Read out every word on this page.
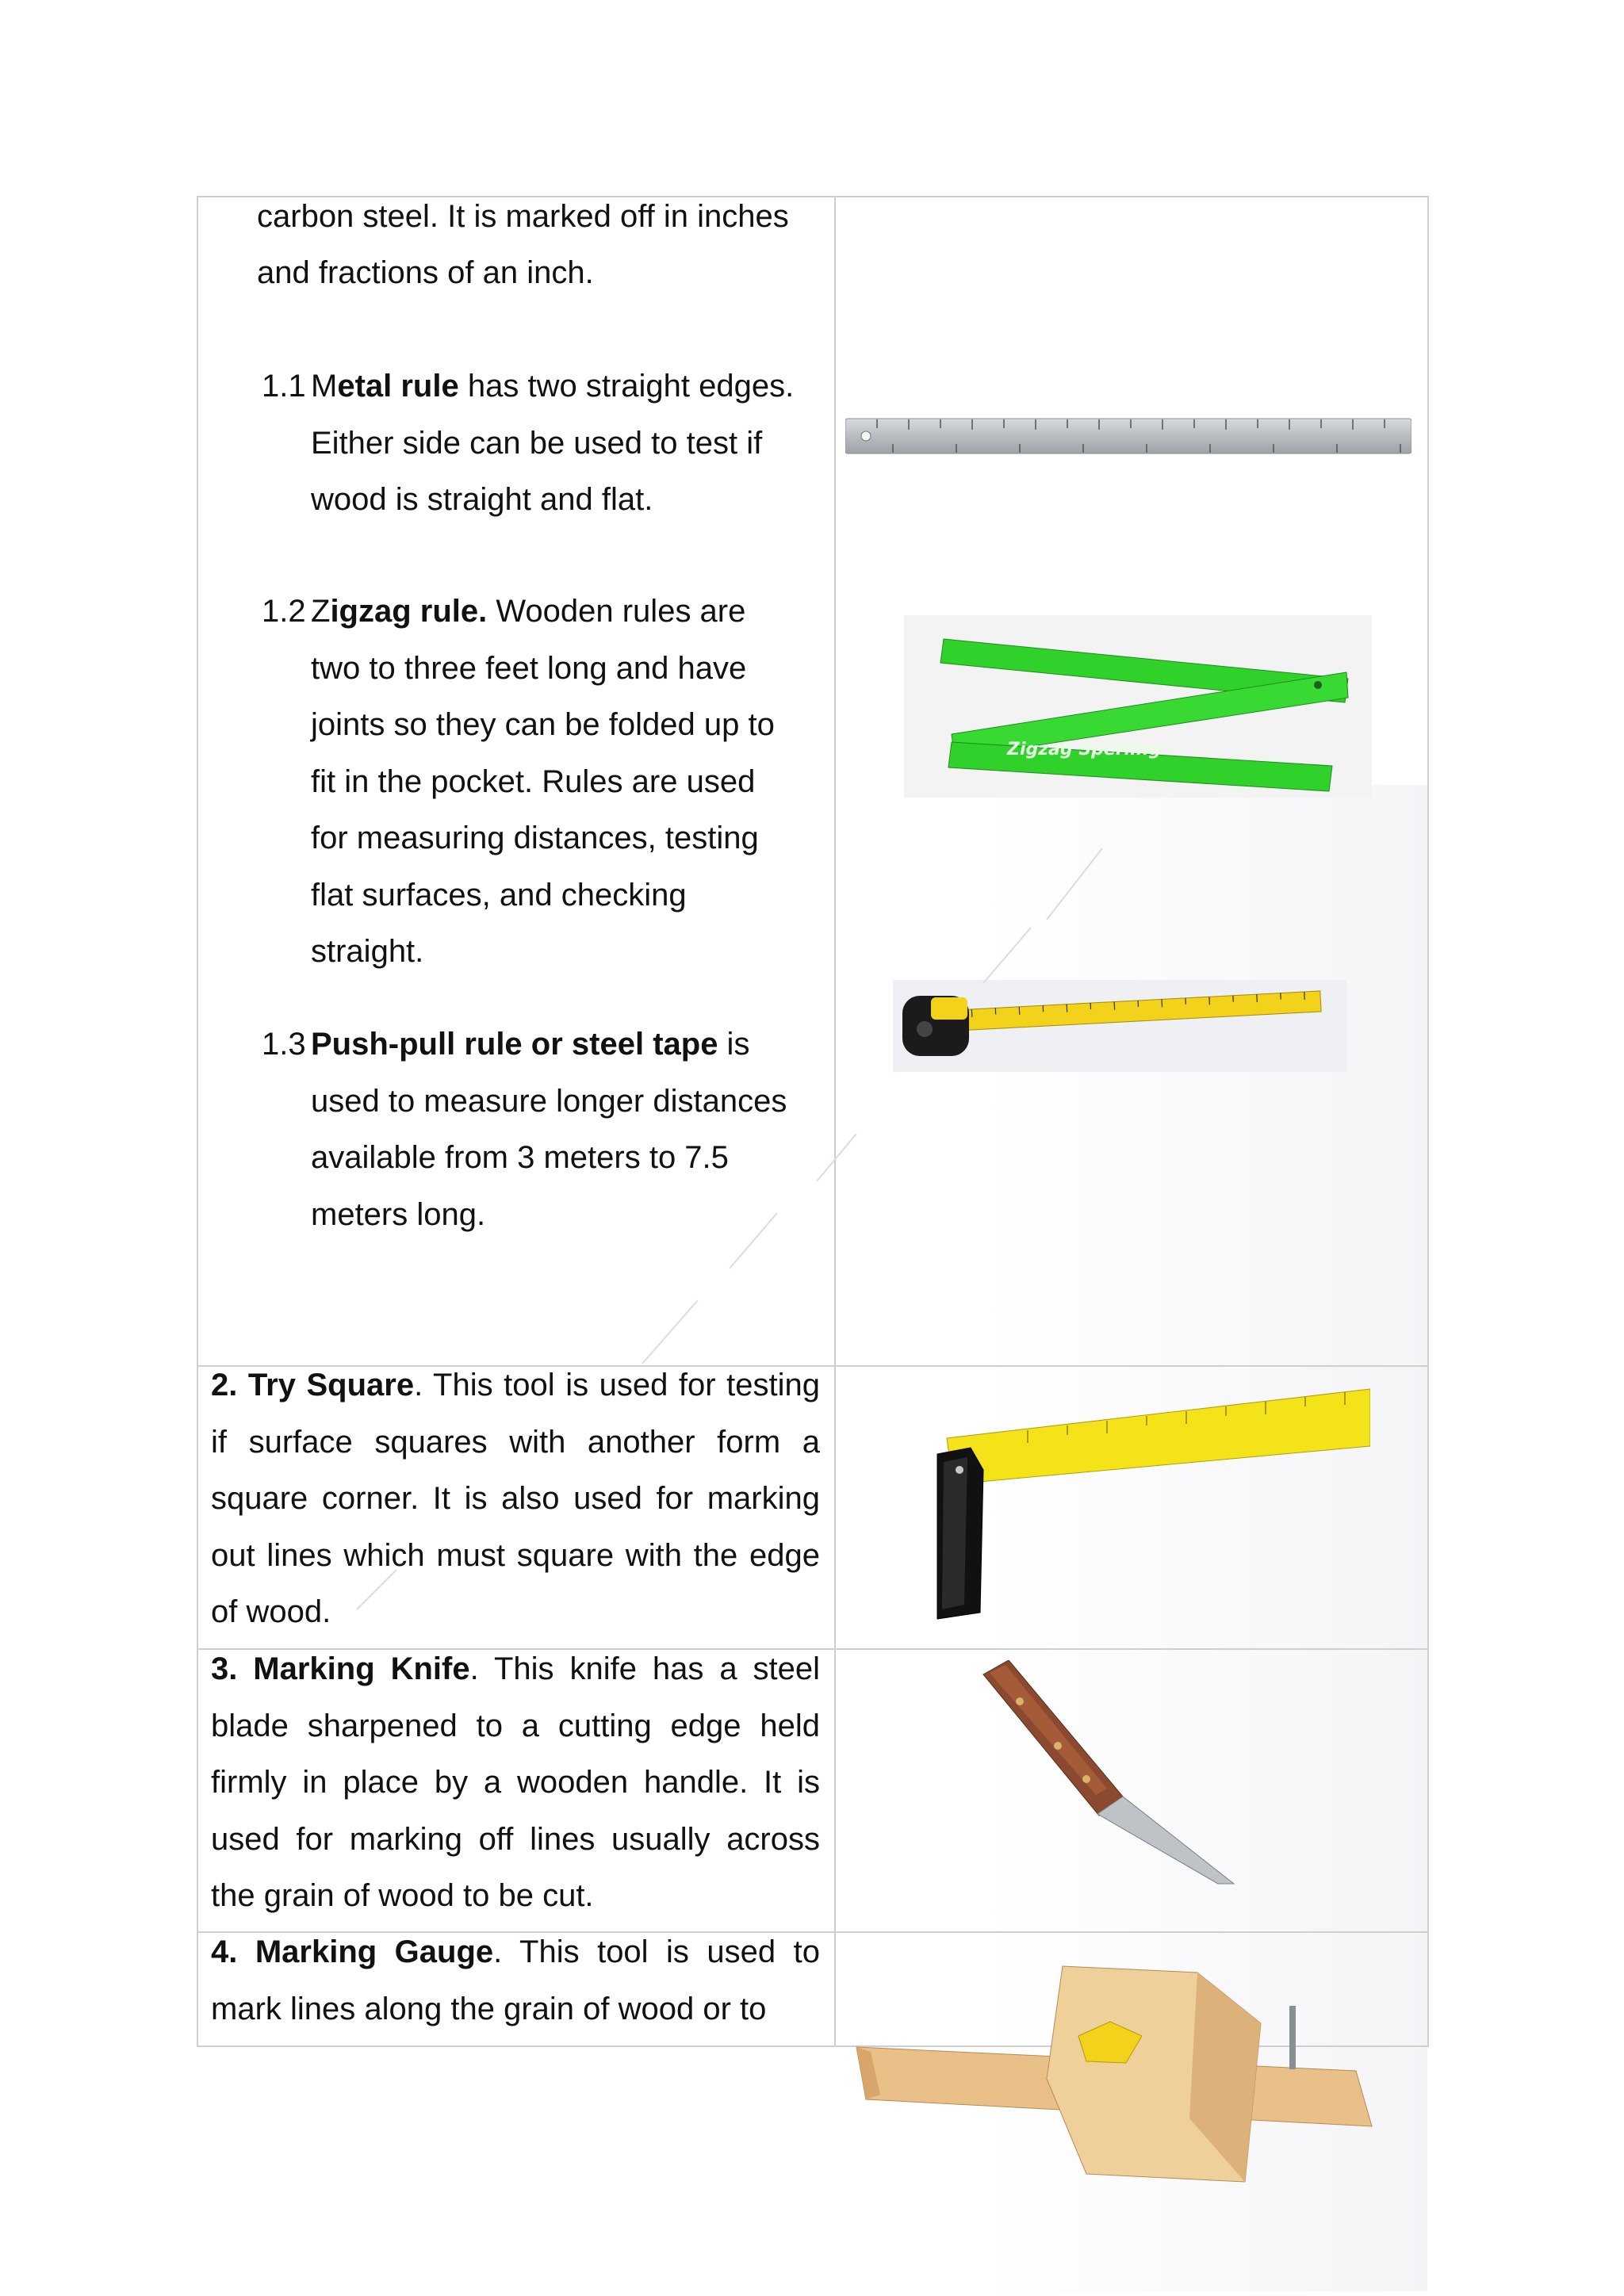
carbon steel. It is marked off in inches

and fractions of an inch.

1.1 Metal rule has two straight edges. Either side can be used to test if wood is straight and flat.

1.2 Zigzag rule. Wooden rules are two to three feet long and have joints so they can be folded up to fit in the pocket. Rules are used for measuring distances, testing flat surfaces, and checking straight.

1.3 Push-pull rule or steel tape is used to measure longer distances available from 3 meters to 7.5 meters long.

2. Try Square. This tool is used for testing if surface squares with another form a square corner. It is also used for marking out lines which must square with the edge of wood.

3. Marking Knife. This knife has a steel blade sharpened to a cutting edge held firmly in place by a wooden handle. It is used for marking off lines usually across the grain of wood to be cut.

4. Marking Gauge. This tool is used to mark lines along the grain of wood or to

Zigzag Sperling
